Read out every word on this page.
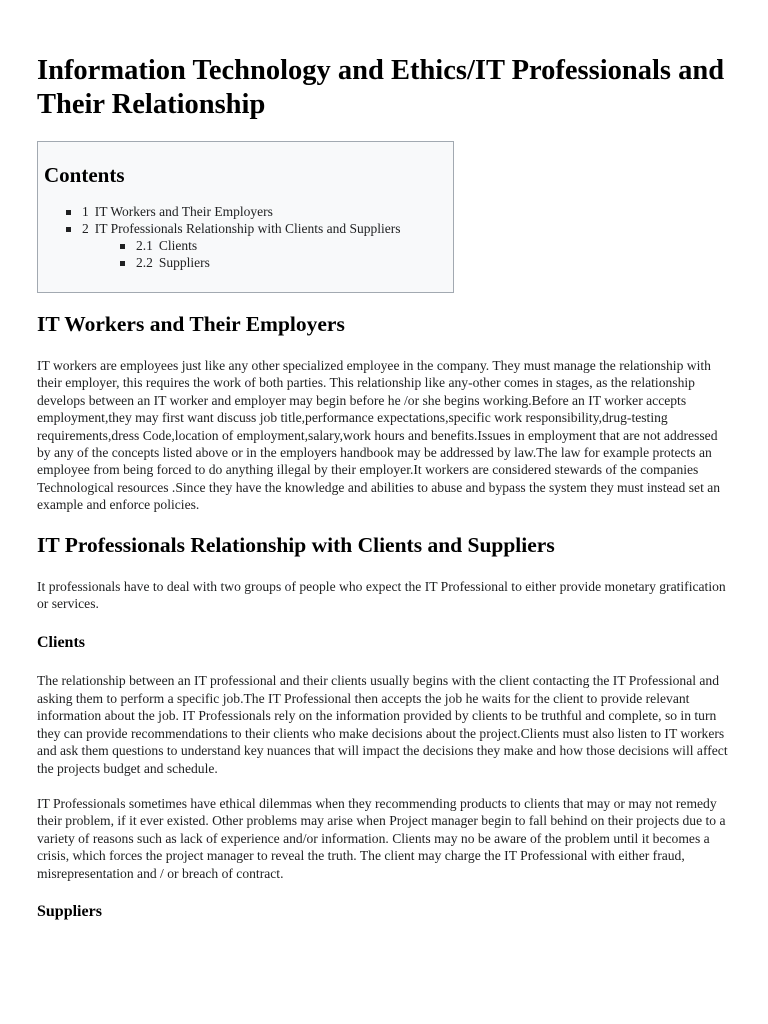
Information Technology and Ethics/IT Professionals and Their Relationship
Contents
1 IT Workers and Their Employers
2 IT Professionals Relationship with Clients and Suppliers
2.1 Clients
2.2 Suppliers
IT Workers and Their Employers

IT workers are employees just like any other specialized employee in the company. They must manage the relationship with their employer, this requires the work of both parties. This relationship like any-other comes in stages, as the relationship develops between an IT worker and employer may begin before he /or she begins working.Before an IT worker accepts employment,they may first want discuss job title,performance expectations,specific work responsibility,drug-testing requirements,dress Code,location of employment,salary,work hours and benefits.Issues in employment that are not addressed by any of the concepts listed above or in the employers handbook may be addressed by law.The law for example protects an employee from being forced to do anything illegal by their employer.It workers are considered stewards of the companies Technological resources .Since they have the knowledge and abilities to abuse and bypass the system they must instead set an example and enforce policies.

IT Professionals Relationship with Clients and Suppliers

It professionals have to deal with two groups of people who expect the IT Professional to either provide monetary gratification or services.

Clients

The relationship between an IT professional and their clients usually begins with the client contacting the IT Professional and asking them to perform a specific job.The IT Professional then accepts the job he waits for the client to provide relevant information about the job. IT Professionals rely on the information provided by clients to be truthful and complete, so in turn they can provide recommendations to their clients who make decisions about the project.Clients must also listen to IT workers and ask them questions to understand key nuances that will impact the decisions they make and how those decisions will affect the projects budget and schedule.

IT Professionals sometimes have ethical dilemmas when they recommending products to clients that may or may not remedy their problem, if it ever existed. Other problems may arise when Project manager begin to fall behind on their projects due to a variety of reasons such as lack of experience and/or information. Clients may no be aware of the problem until it becomes a crisis, which forces the project manager to reveal the truth. The client may charge the IT Professional with either fraud, misrepresentation and / or breach of contract.

Suppliers
